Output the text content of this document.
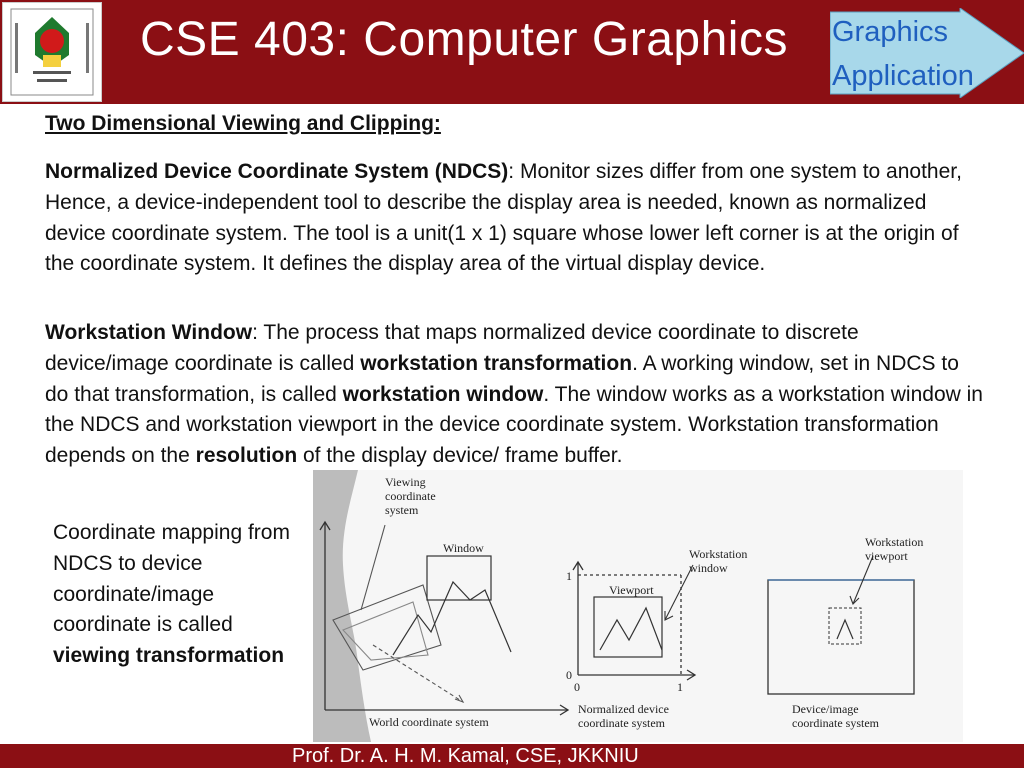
CSE 403: Computer Graphics Graphics
Application
Two Dimensional Viewing and Clipping:

Normalized Device Coordinate System (NDCS): Monitor sizes differ from one system to another, Hence, a device-independent tool to describe the display area is needed, known as normalized device coordinate system. The tool is a unit(1 x 1) square whose lower left corner is at the origin of the coordinate system. It defines the display area of the virtual display device.

Workstation Window: The process that maps normalized device coordinate to discrete device/image coordinate is called workstation transformation. A working window, set in NDCS to do that transformation, is called workstation window. The window works as a workstation window in the NDCS and workstation viewport in the device coordinate system. Workstation transformation depends on the resolution of the display device/ frame buffer.

Coordinate mapping from NDCS to device coordinate/image coordinate is called viewing transformation
Viewing
coordinate
system
Window
World coordinate system
Viewport
Workstation
window
1
0
0	1
Normalized device
coordinate system
Workstation
viewport
Device/image
coordinate system
Prof. Dr. A. H. M. Kamal, CSE, JKKNIU
